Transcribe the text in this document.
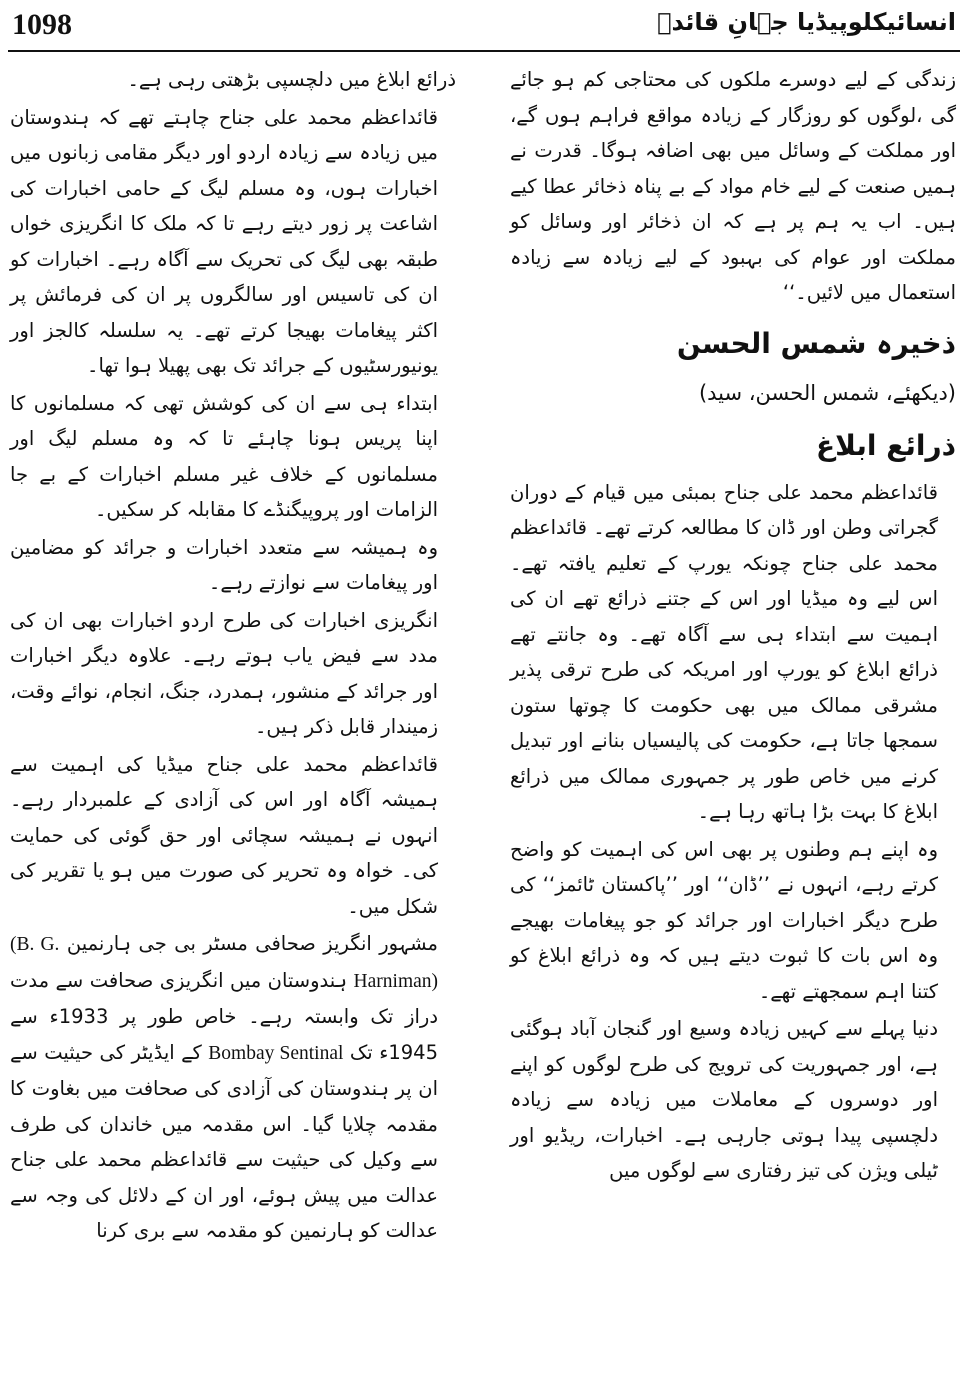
1098	انسائیکلوپیڈیا جہانِ قائدؒ

زندگی کے لیے دوسرے ملکوں کی محتاجی کم ہو جائے گی ،لوگوں کو روزگار کے زیادہ مواقع فراہم ہوں گے، اور مملکت کے وسائل میں بھی اضافہ ہوگا۔ قدرت نے ہمیں صنعت کے لیے خام مواد کے بے پناہ ذخائر عطا کیے ہیں۔ اب یہ ہم پر ہے کہ ان ذخائر اور وسائل کو مملکت اور عوام کی بہبود کے لیے زیادہ سے زیادہ استعمال میں لائیں۔‘‘

ذخیرہ شمس الحسن
(دیکھئے، شمس الحسن، سید)
ذرائع ابلاغ

قائداعظم محمد علی جناح بمبئی میں قیام کے دوران گجراتی وطن اور ڈان کا مطالعہ کرتے تھے۔ قائداعظم محمد علی جناح چونکہ یورپ کے تعلیم یافتہ تھے۔ اس لیے وہ میڈیا اور اس کے جتنے ذرائع تھے ان کی اہمیت سے ابتداء ہی سے آگاہ تھے۔ وہ جانتے تھے ذرائع ابلاغ کو یورپ اور امریکہ کی طرح ترقی پذیر مشرقی ممالک میں بھی حکومت کا چوتھا ستون سمجھا جاتا ہے، حکومت کی پالیسیاں بنانے اور تبدیل کرنے میں خاص طور پر جمہوری ممالک میں ذرائع ابلاغ کا بہت بڑا ہاتھ رہا ہے۔

وہ اپنے ہم وطنوں پر بھی اس کی اہمیت کو واضح کرتے رہے، انہوں نے ’’ڈان‘‘ اور ’’پاکستان ٹائمز‘‘ کی طرح دیگر اخبارات اور جرائد کو جو پیغامات بھیجے وہ اس بات کا ثبوت دیتے ہیں کہ وہ ذرائع ابلاغ کو کتنا اہم سمجھتے تھے۔

دنیا پہلے سے کہیں زیادہ وسیع اور گنجان آباد ہوگئی ہے، اور جمہوریت کی ترویج کی طرح لوگوں کو اپنے اور دوسروں کے معاملات میں زیادہ سے زیادہ دلچسپی پیدا ہوتی جارہی ہے۔ اخبارات، ریڈیو اور ٹیلی ویژن کی تیز رفتاری سے لوگوں میں

ذرائع ابلاغ میں دلچسپی بڑھتی رہی ہے۔

قائداعظم محمد علی جناح چاہتے تھے کہ ہندوستان میں زیادہ سے زیادہ اردو اور دیگر مقامی زبانوں میں اخبارات ہوں، وہ مسلم لیگ کے حامی اخبارات کی اشاعت پر زور دیتے رہے تا کہ ملک کا انگریزی خواں طبقہ بھی لیگ کی تحریک سے آگاہ رہے۔ اخبارات کو ان کی تاسیس اور سالگروں پر ان کی فرمائش پر اکثر پیغامات بھیجا کرتے تھے۔ یہ سلسلہ کالجز اور یونیورسٹیوں کے جرائد تک بھی پھیلا ہوا تھا۔

ابتداء ہی سے ان کی کوشش تھی کہ مسلمانوں کا اپنا پریس ہونا چاہئے تا کہ وہ مسلم لیگ اور مسلمانوں کے خلاف غیر مسلم اخبارات کے بے جا الزامات اور پروپیگنڈے کا مقابلہ کر سکیں۔

وہ ہمیشہ سے متعدد اخبارات و جرائد کو مضامین اور پیغامات سے نوازتے رہے۔

انگریزی اخبارات کی طرح اردو اخبارات بھی ان کی مدد سے فیض یاب ہوتے رہے۔ علاوہ دیگر اخبارات اور جرائد کے منشور، ہمدرد، جنگ، انجام، نوائے وقت، زمیندار قابل ذکر ہیں۔

قائداعظم محمد علی جناح میڈیا کی اہمیت سے ہمیشہ آگاہ اور اس کی آزادی کے علمبردار رہے۔ انہوں نے ہمیشہ سچائی اور حق گوئی کی حمایت کی۔ خواہ وہ تحریر کی صورت میں ہو یا تقریر کی شکل میں۔

مشہور انگریز صحافی مسٹر بی جی ہارنمین (B. G. Harniman) ہندوستان میں انگریزی صحافت سے مدت دراز تک وابستہ رہے۔ خاص طور پر 1933ء سے 1945ء تک Bombay Sentinal کے ایڈیٹر کی حیثیت سے ان پر ہندوستان کی آزادی کی صحافت میں بغاوت کا مقدمہ چلایا گیا۔ اس مقدمہ میں خاندان کی طرف سے وکیل کی حیثیت سے قائداعظم محمد علی جناح عدالت میں پیش ہوئے، اور ان کے دلائل کی وجہ سے عدالت کو ہارنمین کو مقدمہ سے بری کرنا
